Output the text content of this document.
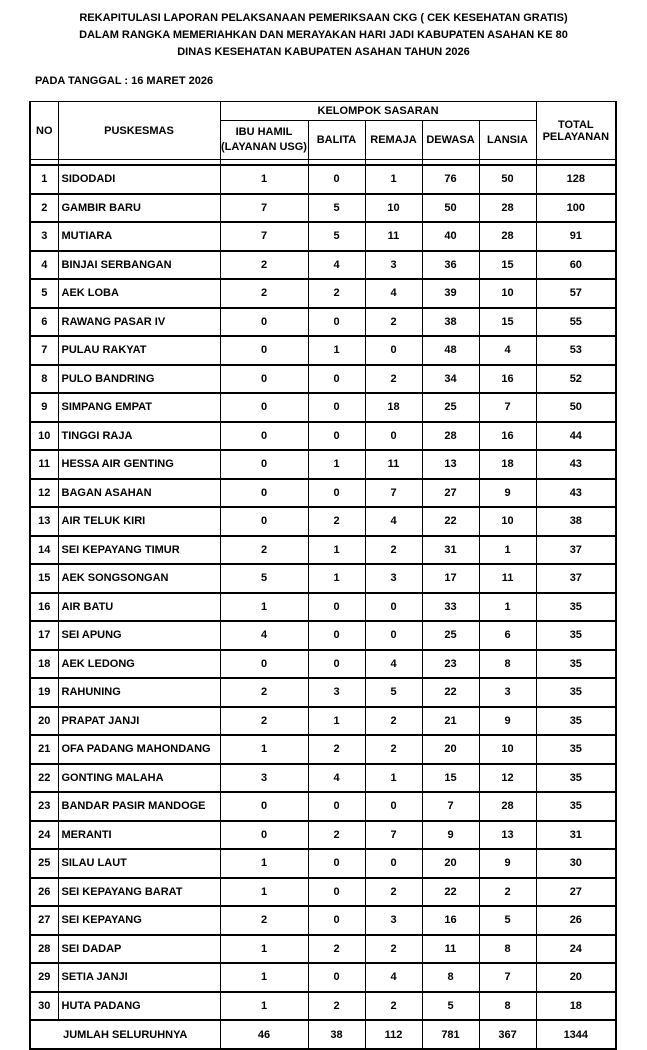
REKAPITULASI LAPORAN PELAKSANAAN PEMERIKSAAN CKG ( CEK KESEHATAN GRATIS)
DALAM RANGKA MEMERIAHKAN DAN MERAYAKAN HARI JADI KABUPATEN ASAHAN KE 80
DINAS KESEHATAN KABUPATEN ASAHAN TAHUN 2026
PADA TANGGAL : 16 MARET 2026
NO	PUSKESMAS	KELOMPOK SASARAN					TOTAL
PELAYANAN

		IBU HAMIL
(LAYANAN USG)	BALITA	REMAJA	DEWASA	LANSIA	

1	SIDODADI	1	0	1	76	50	128
2	GAMBIR BARU	7	5	10	50	28	100
3	MUTIARA	7	5	11	40	28	91
4	BINJAI SERBANGAN	2	4	3	36	15	60
5	AEK LOBA	2	2	4	39	10	57
6	RAWANG PASAR IV	0	0	2	38	15	55
7	PULAU RAKYAT	0	1	0	48	4	53
8	PULO BANDRING	0	0	2	34	16	52
9	SIMPANG EMPAT	0	0	18	25	7	50
10	TINGGI RAJA	0	0	0	28	16	44
11	HESSA AIR GENTING	0	1	11	13	18	43
12	BAGAN ASAHAN	0	0	7	27	9	43
13	AIR TELUK KIRI	0	2	4	22	10	38
14	SEI KEPAYANG TIMUR	2	1	2	31	1	37
15	AEK SONGSONGAN	5	1	3	17	11	37
16	AIR BATU	1	0	0	33	1	35
17	SEI APUNG	4	0	0	25	6	35
18	AEK LEDONG	0	0	4	23	8	35
19	RAHUNING	2	3	5	22	3	35
20	PRAPAT JANJI	2	1	2	21	9	35
21	OFA PADANG MAHONDANG	1	2	2	20	10	35
22	GONTING MALAHA	3	4	1	15	12	35
23	BANDAR PASIR MANDOGE	0	0	0	7	28	35
24	MERANTI	0	2	7	9	13	31
25	SILAU LAUT	1	0	0	20	9	30
26	SEI KEPAYANG BARAT	1	0	2	22	2	27
27	SEI KEPAYANG	2	0	3	16	5	26
28	SEI DADAP	1	2	2	11	8	24
29	SETIA JANJI	1	0	4	8	7	20
30	HUTA PADANG	1	2	2	5	8	18
JUMLAH SELURUHNYA		46	38	112	781	367	1344
